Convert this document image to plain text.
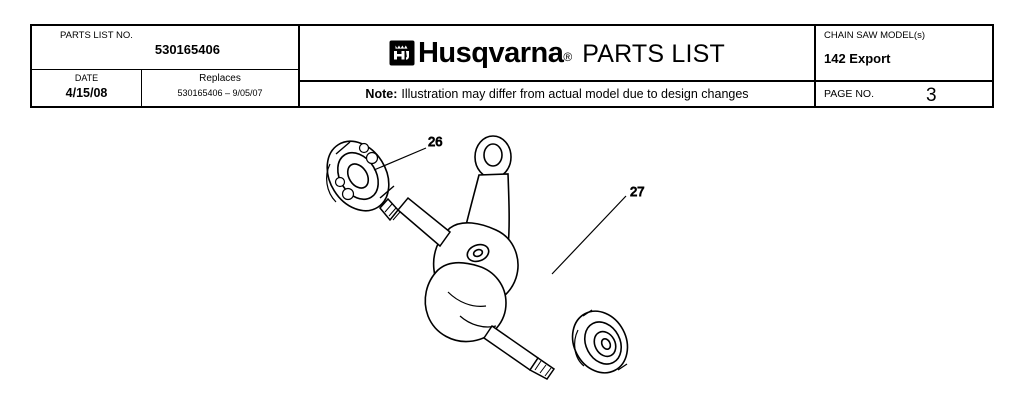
PARTS LIST NO.
530165406
DATE
4/15/08
Replaces
530165406 – 9/05/07
Husqvarna ® PARTS LIST
Note: Illustration may differ from actual model due to design changes
CHAIN SAW MODEL(s)
142 Export
PAGE NO.	3
26
27
